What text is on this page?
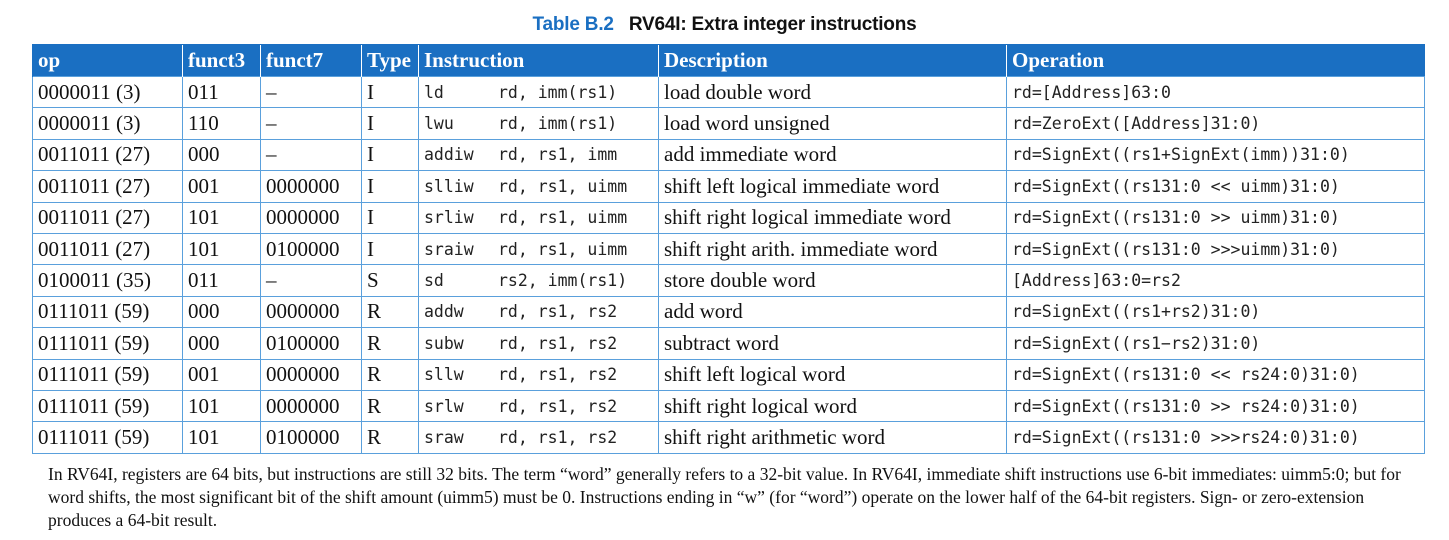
Table B.2 RV64I: Extra integer instructions
op	funct3	funct7	Type	Instruction	Description	Operation
0000011 (3)	011	–	I	ld rd, imm(rs1)	load double word	rd=[Address]63:0
0000011 (3)	110	–	I	lwu rd, imm(rs1)	load word unsigned	rd=ZeroExt([Address]31:0)
0011011 (27)	000	–	I	addiw rd, rs1, imm	add immediate word	rd=SignExt((rs1+SignExt(imm))31:0)
0011011 (27)	001	0000000	I	slliw rd, rs1, uimm	shift left logical immediate word	rd=SignExt((rs131:0 << uimm)31:0)
0011011 (27)	101	0000000	I	srliw rd, rs1, uimm	shift right logical immediate word	rd=SignExt((rs131:0 >> uimm)31:0)
0011011 (27)	101	0100000	I	sraiw rd, rs1, uimm	shift right arith. immediate word	rd=SignExt((rs131:0 >>>uimm)31:0)
0100011 (35)	011	–	S	sd rs2, imm(rs1)	store double word	[Address]63:0=rs2
0111011 (59)	000	0000000	R	addw rd, rs1, rs2	add word	rd=SignExt((rs1+rs2)31:0)
0111011 (59)	000	0100000	R	subw rd, rs1, rs2	subtract word	rd=SignExt((rs1−rs2)31:0)
0111011 (59)	001	0000000	R	sllw rd, rs1, rs2	shift left logical word	rd=SignExt((rs131:0 << rs24:0)31:0)
0111011 (59)	101	0000000	R	srlw rd, rs1, rs2	shift right logical word	rd=SignExt((rs131:0 >> rs24:0)31:0)
0111011 (59)	101	0100000	R	sraw rd, rs1, rs2	shift right arithmetic word	rd=SignExt((rs131:0 >>>rs24:0)31:0)
In RV64I, registers are 64 bits, but instructions are still 32 bits. The term “word” generally refers to a 32-bit value. In RV64I, immediate shift instructions use 6-bit immediates: uimm5:0; but for word shifts, the most significant bit of the shift amount (uimm5) must be 0. Instructions ending in “w” (for “word”) operate on the lower half of the 64-bit registers. Sign- or zero-extension produces a 64-bit result.
